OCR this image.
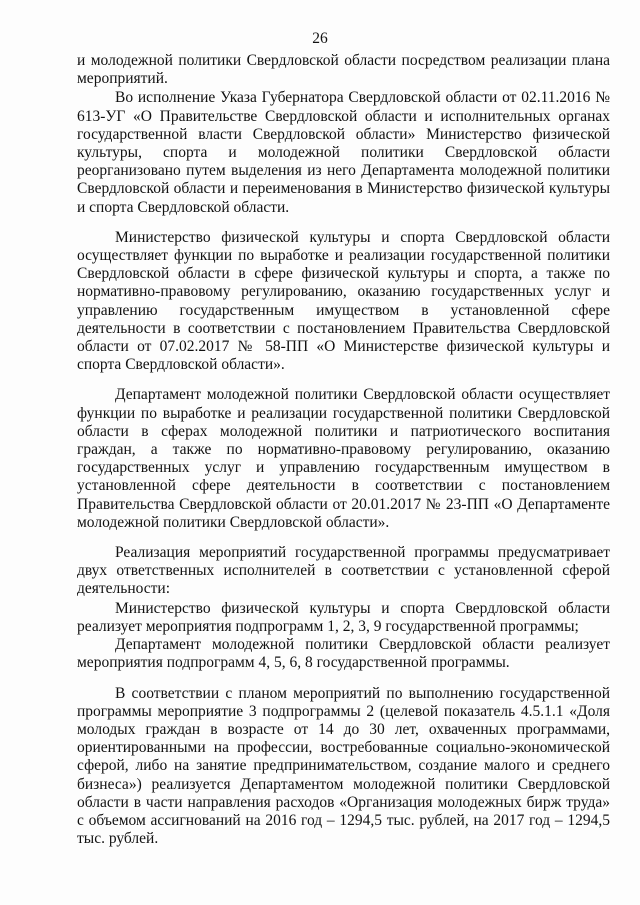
26

и молодежной политики Свердловской области посредством реализации плана мероприятий.

Во исполнение Указа Губернатора Свердловской области от 02.11.2016 № 613-УГ «О Правительстве Свердловской области и исполнительных органах государственной власти Свердловской области» Министерство физической культуры, спорта и молодежной политики Свердловской области реорганизовано путем выделения из него Департамента молодежной политики Свердловской области и переименования в Министерство физической культуры и спорта Свердловской области.

Министерство физической культуры и спорта Свердловской области осуществляет функции по выработке и реализации государственной политики Свердловской области в сфере физической культуры и спорта, а также по нормативно-правовому регулированию, оказанию государственных услуг и управлению государственным имуществом в установленной сфере деятельности в соответствии с постановлением Правительства Свердловской области от 07.02.2017 № 58-ПП «О Министерстве физической культуры и спорта Свердловской области».

Департамент молодежной политики Свердловской области осуществляет функции по выработке и реализации государственной политики Свердловской области в сферах молодежной политики и патриотического воспитания граждан, а также по нормативно-правовому регулированию, оказанию государственных услуг и управлению государственным имуществом в установленной сфере деятельности в соответствии с постановлением Правительства Свердловской области от 20.01.2017 № 23-ПП «О Департаменте молодежной политики Свердловской области».

Реализация мероприятий государственной программы предусматривает двух ответственных исполнителей в соответствии с установленной сферой деятельности:

Министерство физической культуры и спорта Свердловской области реализует мероприятия подпрограмм 1, 2, 3, 9 государственной программы;

Департамент молодежной политики Свердловской области реализует мероприятия подпрограмм 4, 5, 6, 8 государственной программы.

В соответствии с планом мероприятий по выполнению государственной программы мероприятие 3 подпрограммы 2 (целевой показатель 4.5.1.1 «Доля молодых граждан в возрасте от 14 до 30 лет, охваченных программами, ориентированными на профессии, востребованные социально-экономической сферой, либо на занятие предпринимательством, создание малого и среднего бизнеса») реализуется Департаментом молодежной политики Свердловской области в части направления расходов «Организация молодежных бирж труда» с объемом ассигнований на 2016 год – 1294,5 тыс. рублей, на 2017 год – 1294,5 тыс. рублей.
